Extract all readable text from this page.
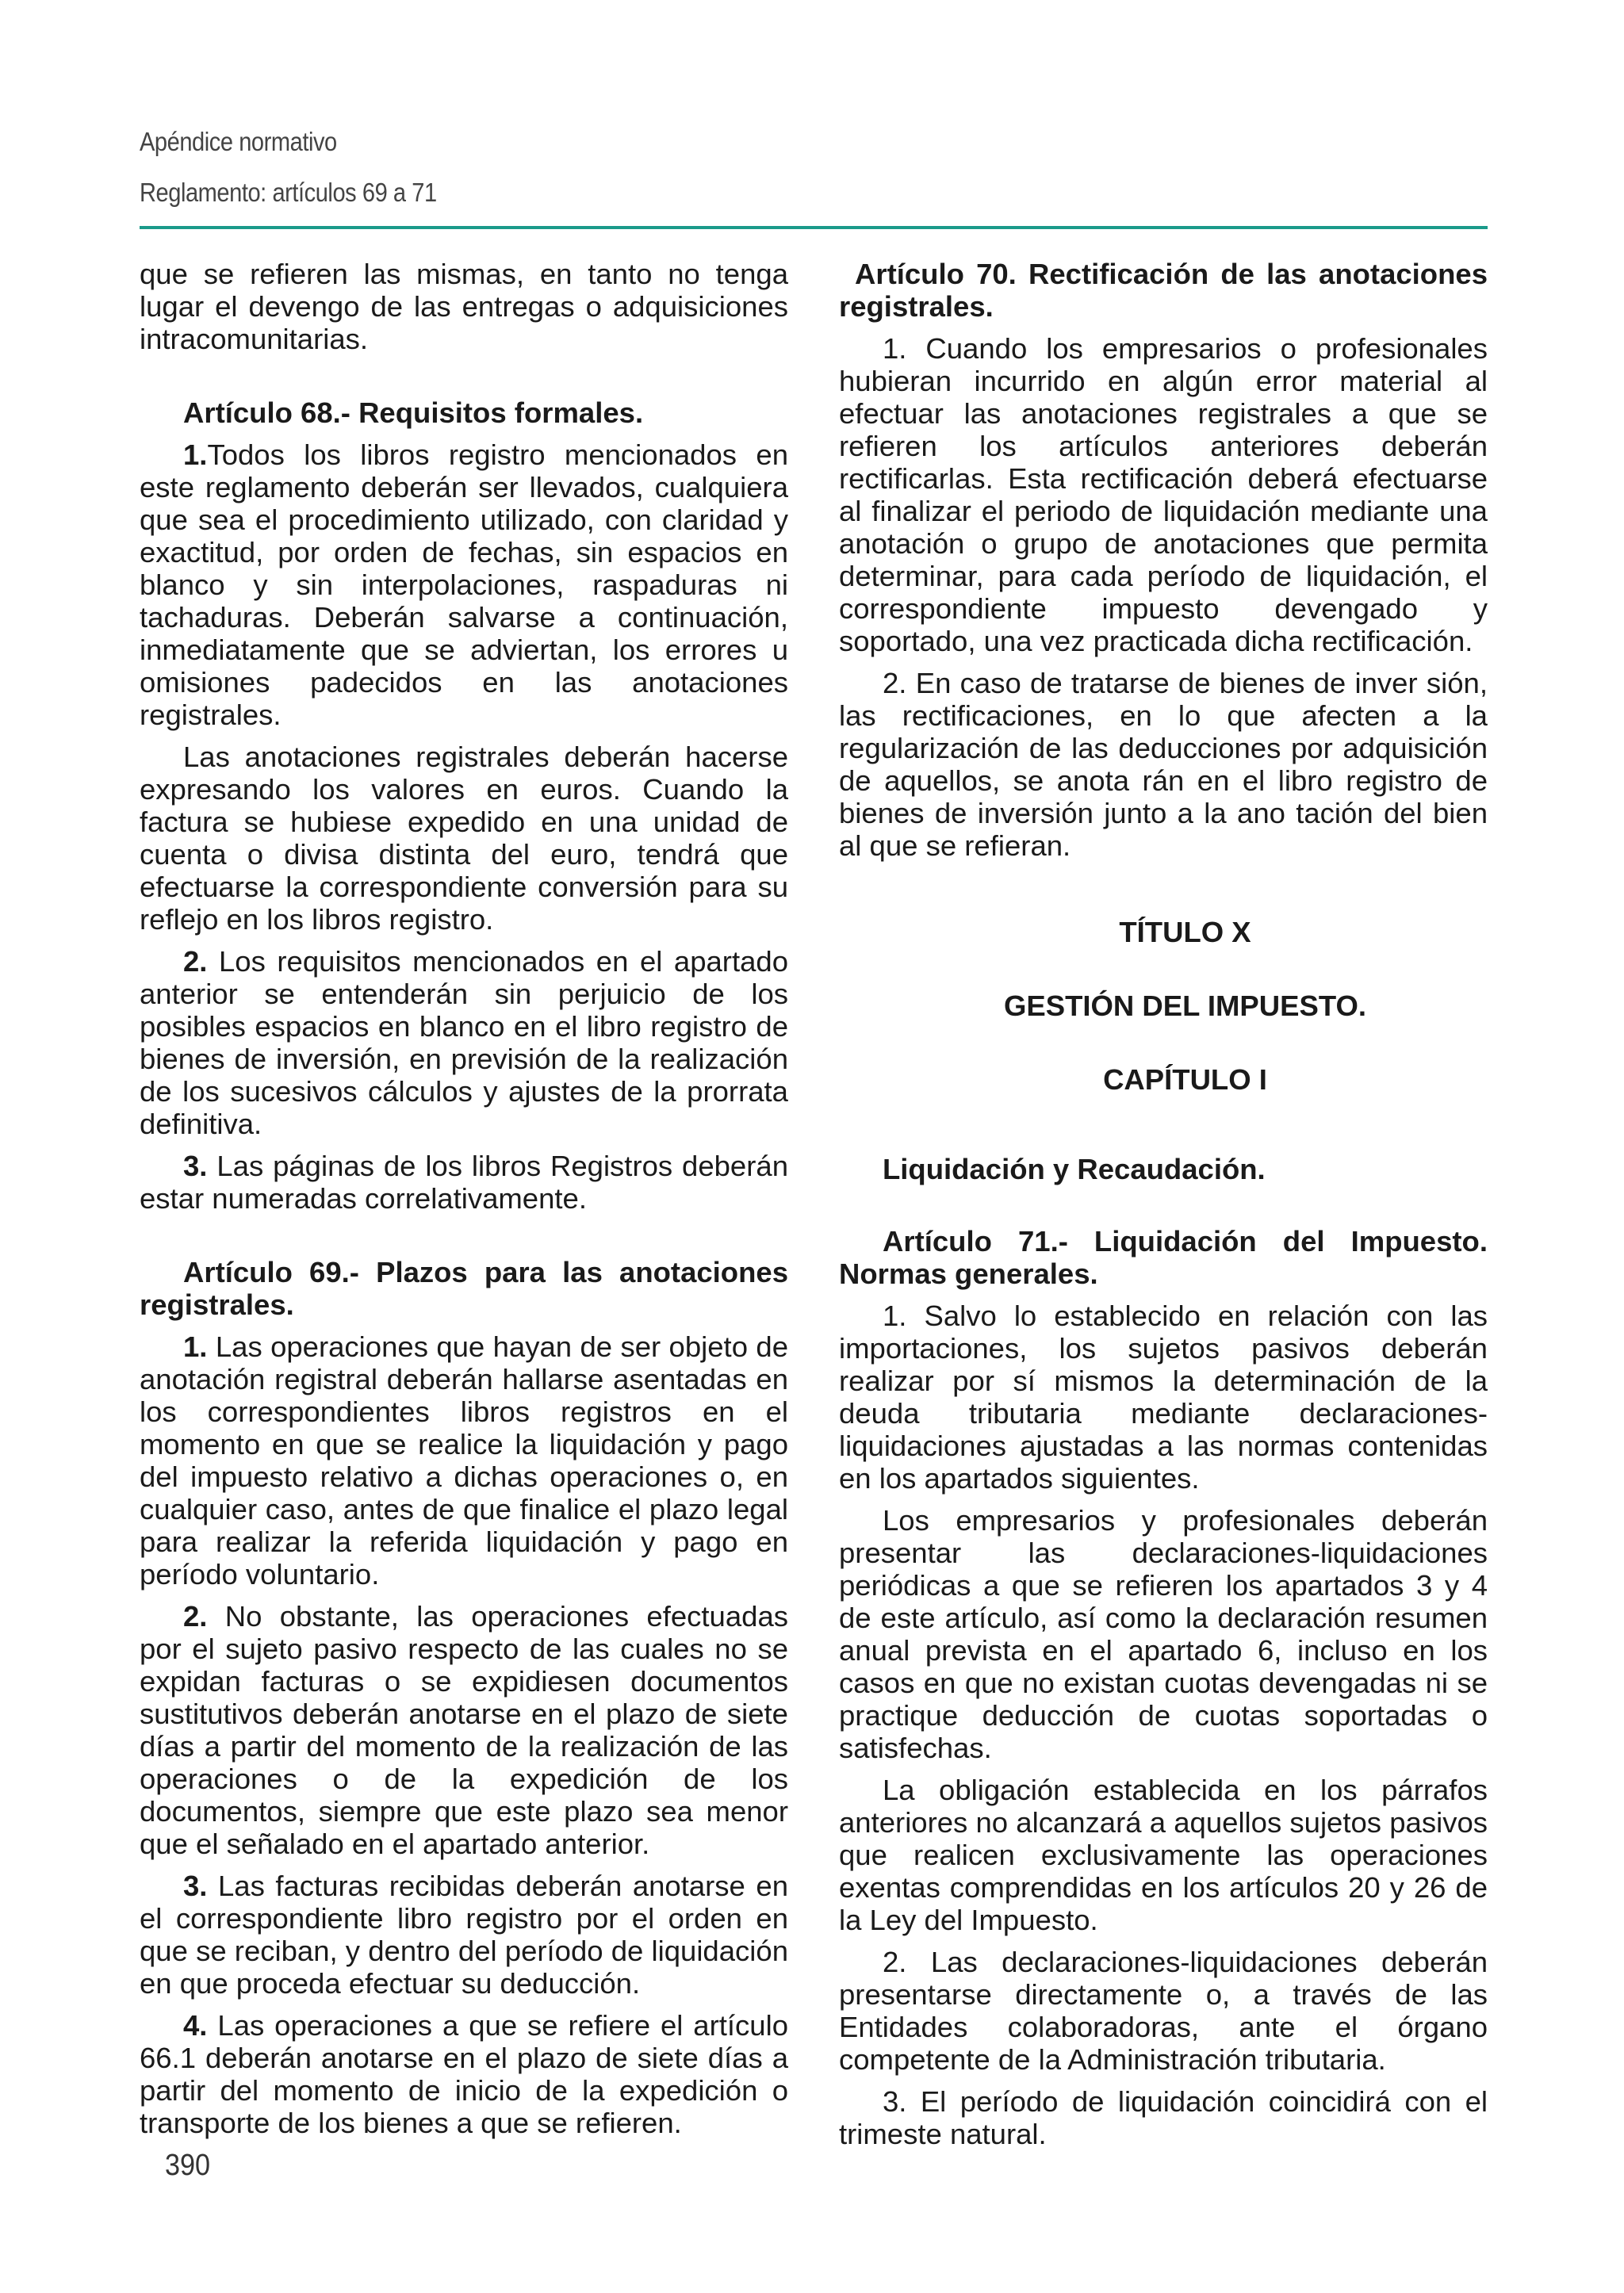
Apéndice normativo
Reglamento: artículos 69 a 71

que se refieren las mismas, en tanto no tenga lugar el devengo de las entregas o adquisiciones intracomunitarias.

Artículo 68.- Requisitos formales.

1.Todos los libros registro mencionados en este reglamento deberán ser llevados, cualquiera que sea el procedimiento utilizado, con claridad y exactitud, por orden de fechas, sin espacios en blanco y sin interpolaciones, raspaduras ni tachaduras. Deberán salvarse a continuación, inmediatamente que se adviertan, los errores u omisiones padecidos en las anotaciones registrales.

Las anotaciones registrales deberán hacerse expresando los valores en euros. Cuando la factura se hubiese expedido en una unidad de cuenta o divisa distinta del euro, tendrá que efectuarse la correspondiente conversión para su reflejo en los libros registro.

2. Los requisitos mencionados en el apartado anterior se entenderán sin perjuicio de los posibles espacios en blanco en el libro registro de bienes de inversión, en previsión de la realización de los sucesivos cálculos y ajustes de la prorrata definitiva.

3. Las páginas de los libros Registros deberán estar numeradas correlativamente.

Artículo 69.- Plazos para las anotaciones registrales.

1. Las operaciones que hayan de ser objeto de anotación registral deberán hallarse asentadas en los correspondientes libros registros en el momento en que se realice la liquidación y pago del impuesto relativo a dichas operaciones o, en cualquier caso, antes de que finalice el plazo legal para realizar la referida liquidación y pago en período voluntario.

2. No obstante, las operaciones efectuadas por el sujeto pasivo respecto de las cuales no se expidan facturas o se expidiesen documentos sustitutivos deberán anotarse en el plazo de siete días a partir del momento de la realización de las operaciones o de la expedición de los documentos, siempre que este plazo sea menor que el señalado en el apartado anterior.

3. Las facturas recibidas deberán anotarse en el correspondiente libro registro por el orden en que se reciban, y dentro del período de liquidación en que proceda efectuar su deducción.

4. Las operaciones a que se refiere el artículo 66.1 deberán anotarse en el plazo de siete días a partir del momento de inicio de la expedición o transporte de los bienes a que se refieren.

Artículo 70. Rectificación de las anotaciones registrales.

1. Cuando los empresarios o profesionales hubieran incurrido en algún error material al efectuar las anotaciones registrales a que se refieren los artículos anteriores deberán rectificarlas. Esta rectificación deberá efectuarse al finalizar el periodo de liquidación mediante una anotación o grupo de anotaciones que permita determinar, para cada período de liquidación, el correspondiente impuesto devengado y soportado, una vez practicada dicha rectificación.

2. En caso de tratarse de bienes de inver sión, las rectificaciones, en lo que afecten a la regularización de las deducciones por adquisición de aquellos, se anota rán en el libro registro de bienes de inversión junto a la ano tación del bien al que se refieran.

TÍTULO X

GESTIÓN DEL IMPUESTO.

CAPÍTULO I

Liquidación y Recaudación.
Artículo 71.- Liquidación del Impuesto. Normas generales.

1. Salvo lo establecido en relación con las importaciones, los sujetos pasivos deberán realizar por sí mismos la determinación de la deuda tributaria mediante declaraciones-liquidaciones ajustadas a las normas contenidas en los apartados siguientes.

Los empresarios y profesionales deberán presentar las declaraciones-liquidaciones periódicas a que se refieren los apartados 3 y 4 de este artículo, así como la declaración resumen anual prevista en el apartado 6, incluso en los casos en que no existan cuotas devengadas ni se practique deducción de cuotas soportadas o satisfechas.

La obligación establecida en los párrafos anteriores no alcanzará a aquellos sujetos pasivos que realicen exclusivamente las operaciones exentas comprendidas en los artículos 20 y 26 de la Ley del Impuesto.

2. Las declaraciones-liquidaciones deberán presentarse directamente o, a través de las Entidades colaboradoras, ante el órgano competente de la Administración tributaria.

3. El período de liquidación coincidirá con el trimeste natural.

390
